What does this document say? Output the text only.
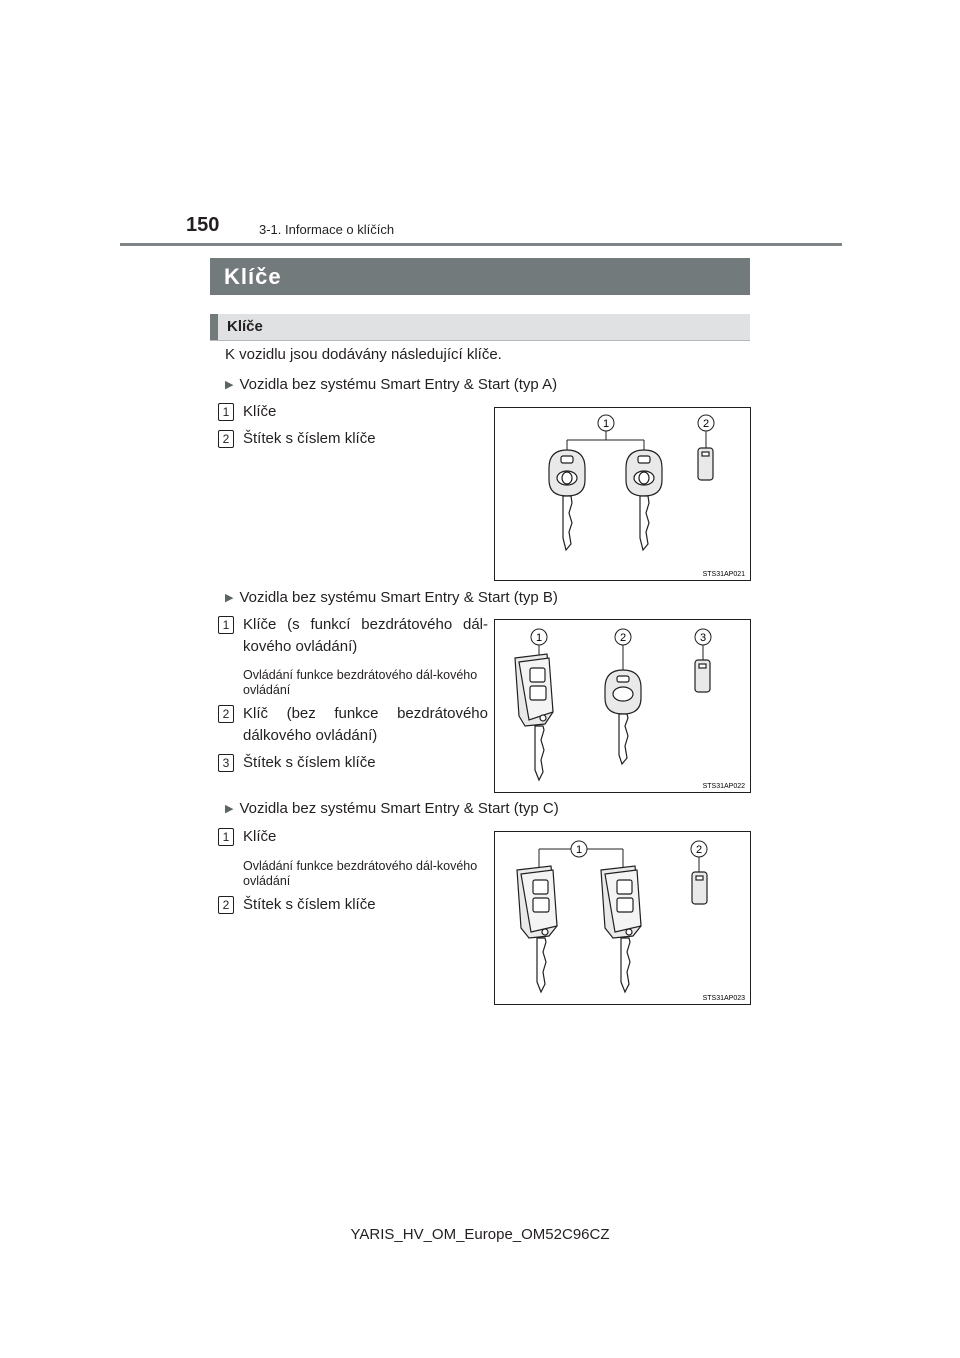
150	3-1. Informace o klíčích
Klíče
Klíče
K vozidlu jsou dodávány následující klíče.
▶ Vozidla bez systému Smart Entry & Start (typ A)
1 Klíče
2 Štítek s číslem klíče
1	2
STS31AP021
▶ Vozidla bez systému Smart Entry & Start (typ B)
1 Klíče (s funkcí bezdrátového dál-kového ovládání)
Ovládání funkce bezdrátového dál-kového ovládání
2 Klíč (bez funkce bezdrátového dálkového ovládání)
3 Štítek s číslem klíče
1	2	3
STS31AP022
▶ Vozidla bez systému Smart Entry & Start (typ C)
1 Klíče
Ovládání funkce bezdrátového dál-kového ovládání
2 Štítek s číslem klíče
1	2
STS31AP023
YARIS_HV_OM_Europe_OM52C96CZ
